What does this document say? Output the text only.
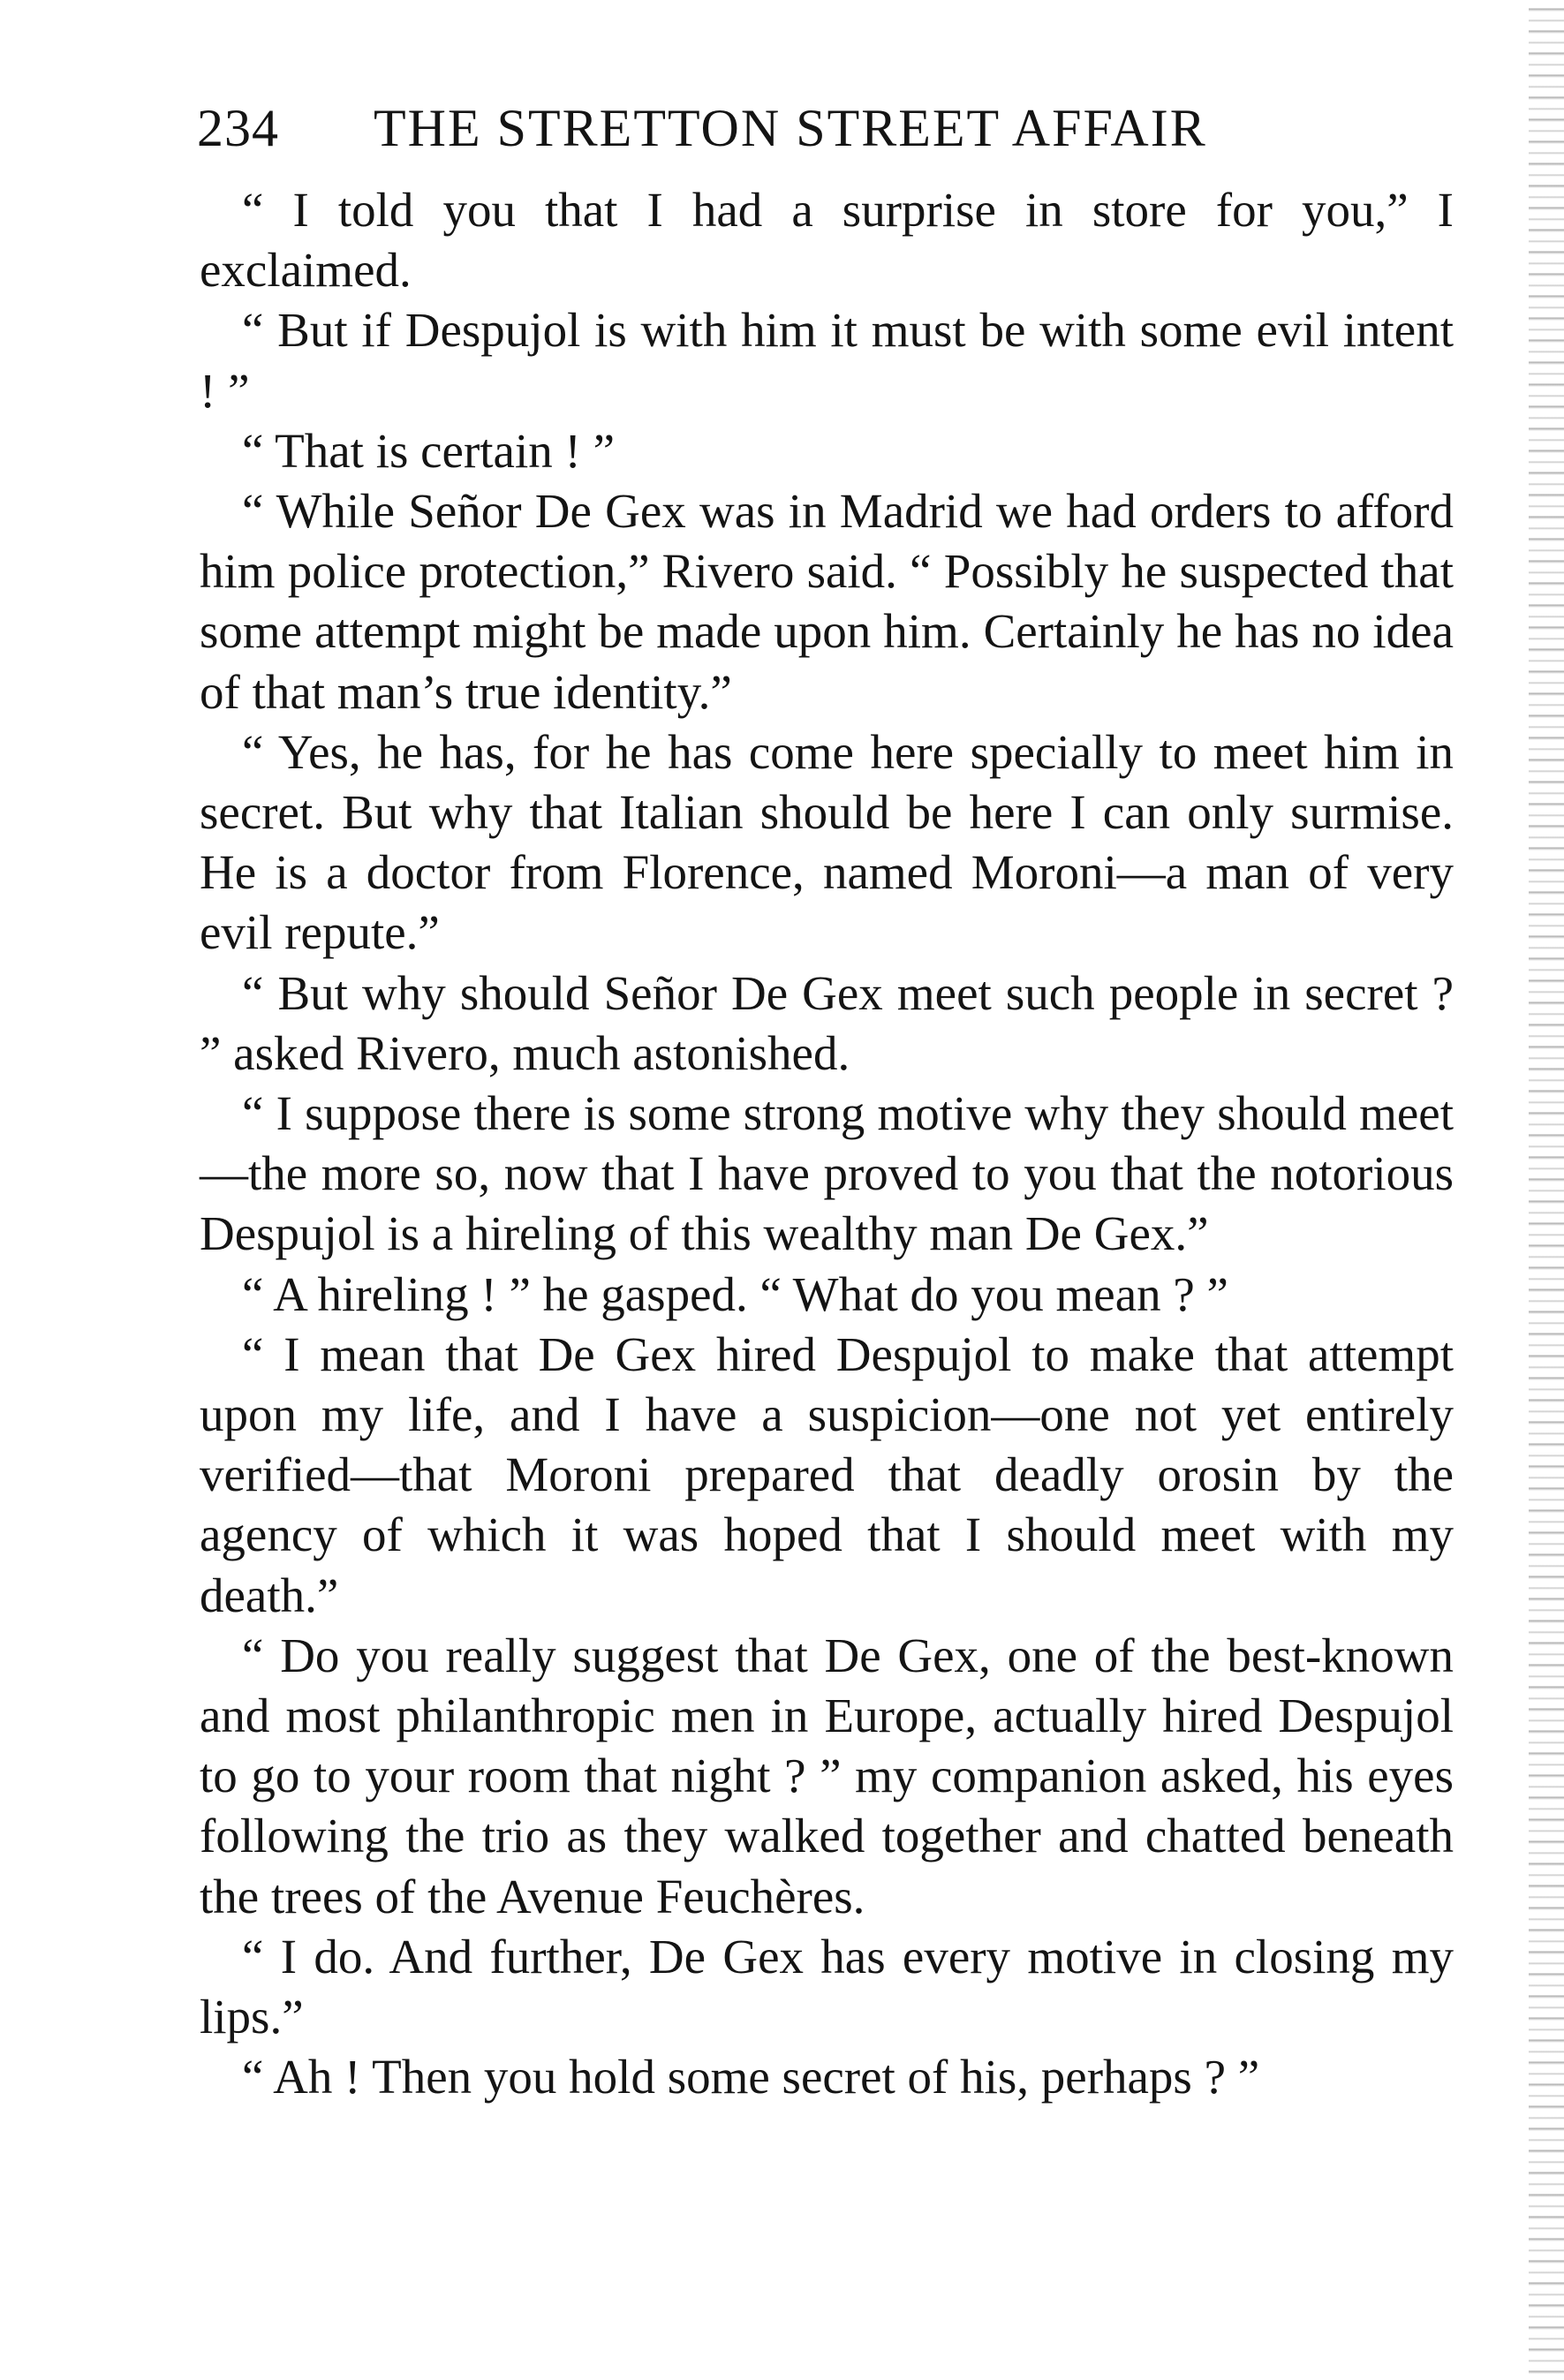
234 THE STRETTON STREET AFFAIR

“ I told you that I had a surprise in store for you,” I exclaimed.

“ But if Despujol is with him it must be with some evil intent ! ”

“ That is certain ! ”

“ While Señor De Gex was in Madrid we had orders to afford him police protection,” Rivero said. “ Possibly he suspected that some attempt might be made upon him. Certainly he has no idea of that man’s true identity.”

“ Yes, he has, for he has come here specially to meet him in secret. But why that Italian should be here I can only surmise. He is a doctor from Florence, named Moroni—a man of very evil repute.”

“ But why should Señor De Gex meet such people in secret ? ” asked Rivero, much astonished.

“ I suppose there is some strong motive why they should meet—the more so, now that I have proved to you that the notorious Despujol is a hireling of this wealthy man De Gex.”

“ A hireling ! ” he gasped. “ What do you mean ? ”

“ I mean that De Gex hired Despujol to make that attempt upon my life, and I have a suspicion—one not yet entirely verified—that Moroni prepared that deadly orosin by the agency of which it was hoped that I should meet with my death.”

“ Do you really suggest that De Gex, one of the best-known and most philanthropic men in Europe, actually hired Despujol to go to your room that night ? ” my companion asked, his eyes following the trio as they walked together and chatted beneath the trees of the Avenue Feuchères.

“ I do. And further, De Gex has every motive in closing my lips.”

“ Ah ! Then you hold some secret of his, perhaps ? ”
